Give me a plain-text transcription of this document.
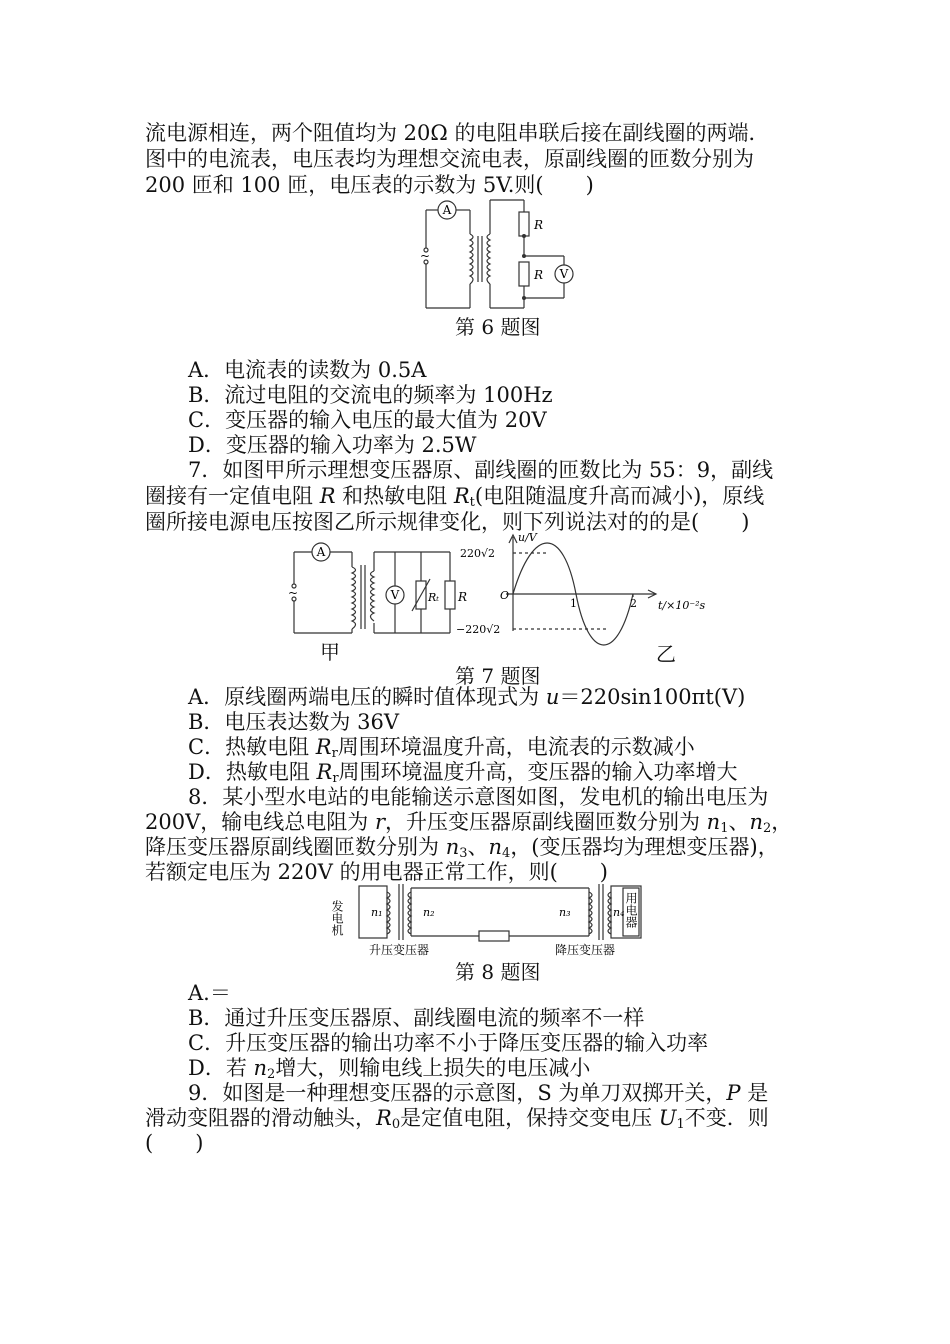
流电源相连，两个阻值均为 20Ω 的电阻串联后接在副线圈的两端．
图中的电流表，电压表均为理想交流电表，原副线圈的匝数分别为
200 匝和 100 匝，电压表的示数为 5V.则(　　)
A
V
R
R
~
第 6 题图
A．电流表的读数为 0.5A
B．流过电阻的交流电的频率为 100Hz
C．变压器的输入电压的最大值为 20V
D．变压器的输入功率为 2.5W
7．如图甲所示理想变压器原、副线圈的匝数比为 55：9，副线
圈接有一定值电阻 R 和热敏电阻 $R_t$(电阻随温度升高而减小)，原线
圈所接电源电压按图乙所示规律变化，则下列说法对的的是(　　)
A
V	Rₜ R
~
甲
u/V
220√2
−220√2
O
1	2 t/×10⁻²s
乙
第 7 题图
A．原线圈两端电压的瞬时值体现式为 u＝220sin100πt(V)
B．电压表达数为 36V
C．热敏电阻 $R_r$周围环境温度升高，电流表的示数减小
D．热敏电阻 $R_r$周围环境温度升高，变压器的输入功率增大
8．某小型水电站的电能输送示意图如图，发电机的输出电压为
200V，输电线总电阻为 r，升压变压器原副线圈匝数分别为 $n_1$、$n_2$，
降压变压器原副线圈匝数分别为 $n_3$、$n_4$，(变压器均为理想变压器)，
若额定电压为 220V 的用电器正常工作，则(　　)
发电机 n₁	n₂	n₃	n₄ 用电器
升压变压器	降压变压器
第 8 题图
A.＝
B．通过升压变压器原、副线圈电流的频率不一样
C．升压变压器的输出功率不小于降压变压器的输入功率
D．若 $n_2$增大，则输电线上损失的电压减小
9．如图是一种理想变压器的示意图，S 为单刀双掷开关，P 是
滑动变阻器的滑动触头，$R_0$是定值电阻，保持交变电压 $U_1$不变．则
(　　)
